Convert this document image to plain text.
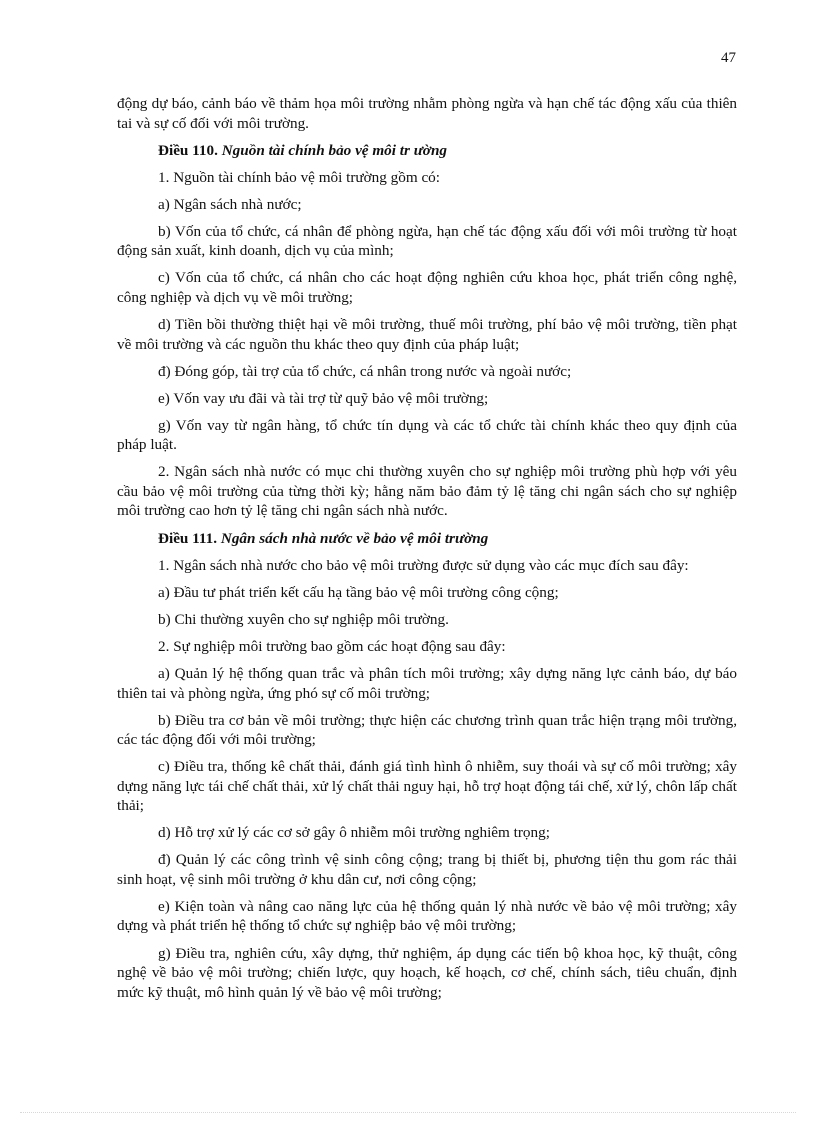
47

động dự báo, cảnh báo về thảm họa môi trường nhằm phòng ngừa và hạn chế tác động xấu của thiên tai và sự cố đối với môi trường.

Điều 110. Nguồn tài chính bảo vệ môi tr ường

1. Nguồn tài chính bảo vệ môi trường gồm có:

a) Ngân sách nhà nước;

b) Vốn của tổ chức, cá nhân để phòng ngừa, hạn chế tác động xấu đối với môi trường từ hoạt động sản xuất, kinh doanh, dịch vụ của mình;

c) Vốn của tổ chức, cá nhân cho các hoạt động nghiên cứu khoa học, phát triển công nghệ, công nghiệp và dịch vụ về môi trường;

d) Tiền bồi thường thiệt hại về môi trường, thuế môi trường, phí bảo vệ môi trường, tiền phạt về môi trường và các nguồn thu khác theo quy định của pháp luật;

đ) Đóng góp, tài trợ của tổ chức, cá nhân trong nước và ngoài nước;

e) Vốn vay ưu đãi và tài trợ từ quỹ bảo vệ môi trường;

g) Vốn vay từ ngân hàng, tổ chức tín dụng và các tổ chức tài chính khác theo quy định của pháp luật.

2. Ngân sách nhà nước có mục chi thường xuyên cho sự nghiệp môi trường phù hợp với yêu cầu bảo vệ môi trường của từng thời kỳ; hằng năm bảo đảm tỷ lệ tăng chi ngân sách cho sự nghiệp môi trường cao hơn tỷ lệ tăng chi ngân sách nhà nước.

Điều 111. Ngân sách nhà nước về bảo vệ môi trường

1. Ngân sách nhà nước cho bảo vệ môi trường được sử dụng vào các mục đích sau đây:

a) Đầu tư phát triển kết cấu hạ tầng bảo vệ môi trường công cộng;

b) Chi thường xuyên cho sự nghiệp môi trường.

2. Sự nghiệp môi trường bao gồm các hoạt động sau đây:

a) Quản lý hệ thống quan trắc và phân tích môi trường; xây dựng năng lực cảnh báo, dự báo thiên tai và phòng ngừa, ứng phó sự cố môi trường;

b) Điều tra cơ bản về môi trường; thực hiện các chương trình quan trắc hiện trạng môi trường, các tác động đối với môi trường;

c) Điều tra, thống kê chất thải, đánh giá tình hình ô nhiễm, suy thoái và sự cố môi trường; xây dựng năng lực tái chế chất thải, xử lý chất thải nguy hại, hỗ trợ hoạt động tái chế, xử lý, chôn lấp chất thải;

d) Hỗ trợ xử lý các cơ sở gây ô nhiễm môi trường nghiêm trọng;

đ) Quản lý các công trình vệ sinh công cộng; trang bị thiết bị, phương tiện thu gom rác thải sinh hoạt, vệ sinh môi trường ở khu dân cư, nơi công cộng;

e) Kiện toàn và nâng cao năng lực của hệ thống quản lý nhà nước về bảo vệ môi trường; xây dựng và phát triển hệ thống tổ chức sự nghiệp bảo vệ môi trường;

g) Điều tra, nghiên cứu, xây dựng, thử nghiệm, áp dụng các tiến bộ khoa học, kỹ thuật, công nghệ về bảo vệ môi trường; chiến lược, quy hoạch, kế hoạch, cơ chế, chính sách, tiêu chuẩn, định mức kỹ thuật, mô hình quản lý về bảo vệ môi trường;
